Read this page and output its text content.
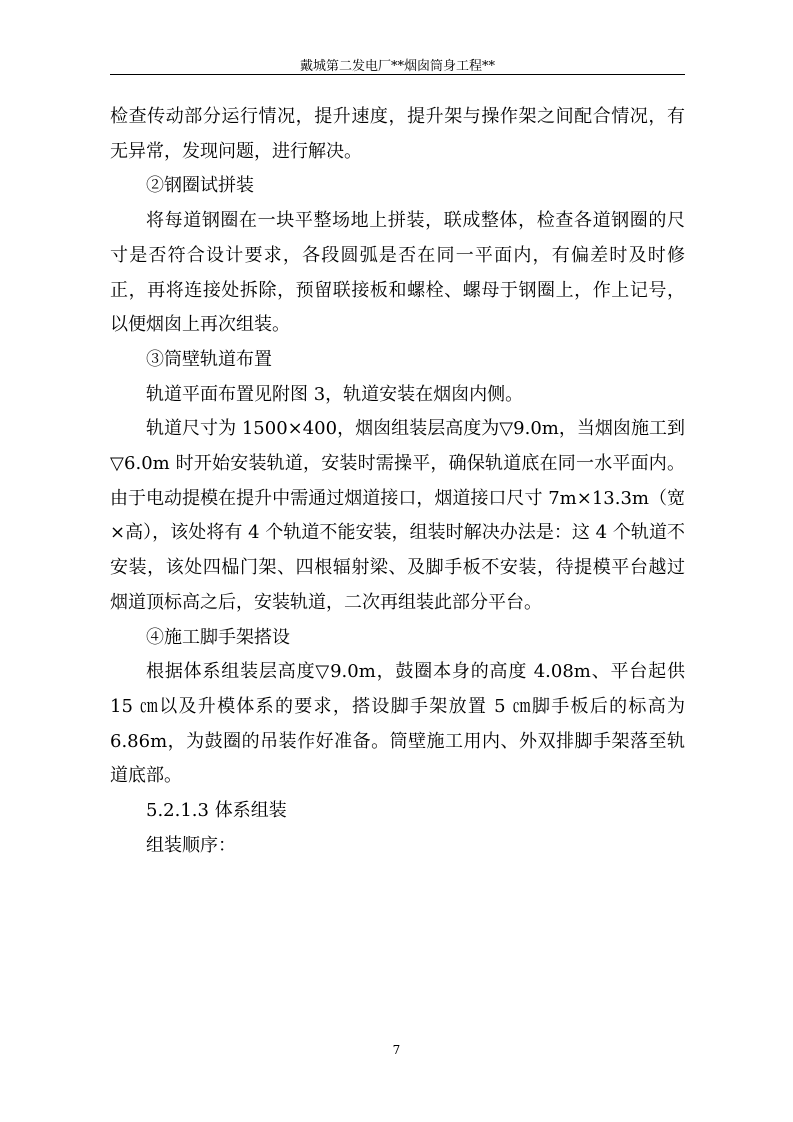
戴城第二发电厂**烟囱筒身工程**

检查传动部分运行情况，提升速度，提升架与操作架之间配合情况，有无异常，发现问题，进行解决。

②钢圈试拼装

将每道钢圈在一块平整场地上拼装，联成整体，检查各道钢圈的尺寸是否符合设计要求，各段圆弧是否在同一平面内，有偏差时及时修正，再将连接处拆除，预留联接板和螺栓、螺母于钢圈上，作上记号，以便烟囱上再次组装。

③筒壁轨道布置

轨道平面布置见附图 3，轨道安装在烟囱内侧。

轨道尺寸为 1500×400，烟囱组装层高度为▽9.0m，当烟囱施工到▽6.0m 时开始安装轨道，安装时需操平，确保轨道底在同一水平面内。由于电动提模在提升中需通过烟道接口，烟道接口尺寸 7m×13.3m（宽×高），该处将有 4 个轨道不能安装，组装时解决办法是：这 4 个轨道不安装，该处四榀门架、四根辐射梁、及脚手板不安装，待提模平台越过烟道顶标高之后，安装轨道，二次再组装此部分平台。

④施工脚手架搭设

根据体系组装层高度▽9.0m，鼓圈本身的高度 4.08m、平台起供 15 ㎝以及升模体系的要求，搭设脚手架放置 5 ㎝脚手板后的标高为 6.86m，为鼓圈的吊装作好准备。筒壁施工用内、外双排脚手架落至轨道底部。

5.2.1.3 体系组装

组装顺序：

7
